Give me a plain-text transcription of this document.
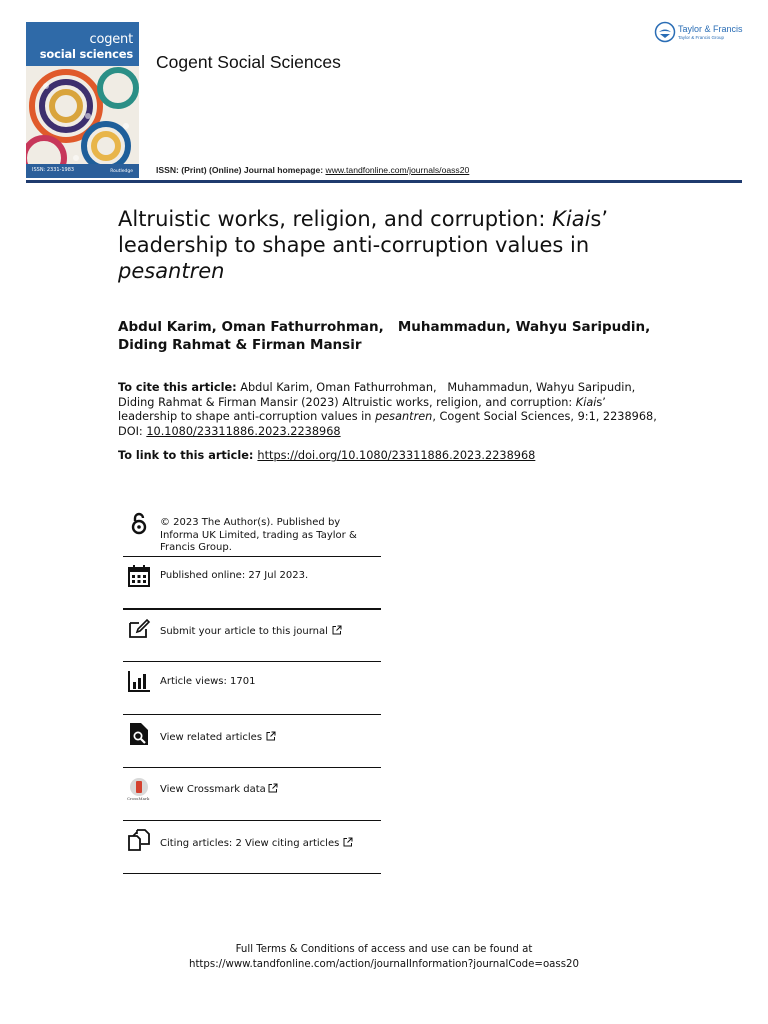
cogent
social sciences
ISSN: 2331-1983	Routledge
Cogent Social Sciences
Taylor & Francis
Taylor & Francis Group
ISSN: (Print) (Online) Journal homepage: www.tandfonline.com/journals/oass20
Altruistic works, religion, and corruption: Kiais’ leadership to shape anti-corruption values in pesantren
Abdul Karim, Oman Fathurrohman,   Muhammadun, Wahyu Saripudin,
Diding Rahmat & Firman Mansir
To cite this article: Abdul Karim, Oman Fathurrohman,   Muhammadun, Wahyu Saripudin, Diding Rahmat & Firman Mansir (2023) Altruistic works, religion, and corruption: Kiais’ leadership to shape anti-corruption values in pesantren, Cogent Social Sciences, 9:1, 2238968, DOI: 10.1080/23311886.2023.2238968
To link to this article: https://doi.org/10.1080/23311886.2023.2238968
© 2023 The Author(s). Published by Informa UK Limited, trading as Taylor & Francis Group.
Published online: 27 Jul 2023.
Submit your article to this journal
Article views: 1701
View related articles
CrossMark
View Crossmark data
Citing articles: 2 View citing articles
Full Terms & Conditions of access and use can be found at
https://www.tandfonline.com/action/journalInformation?journalCode=oass20
